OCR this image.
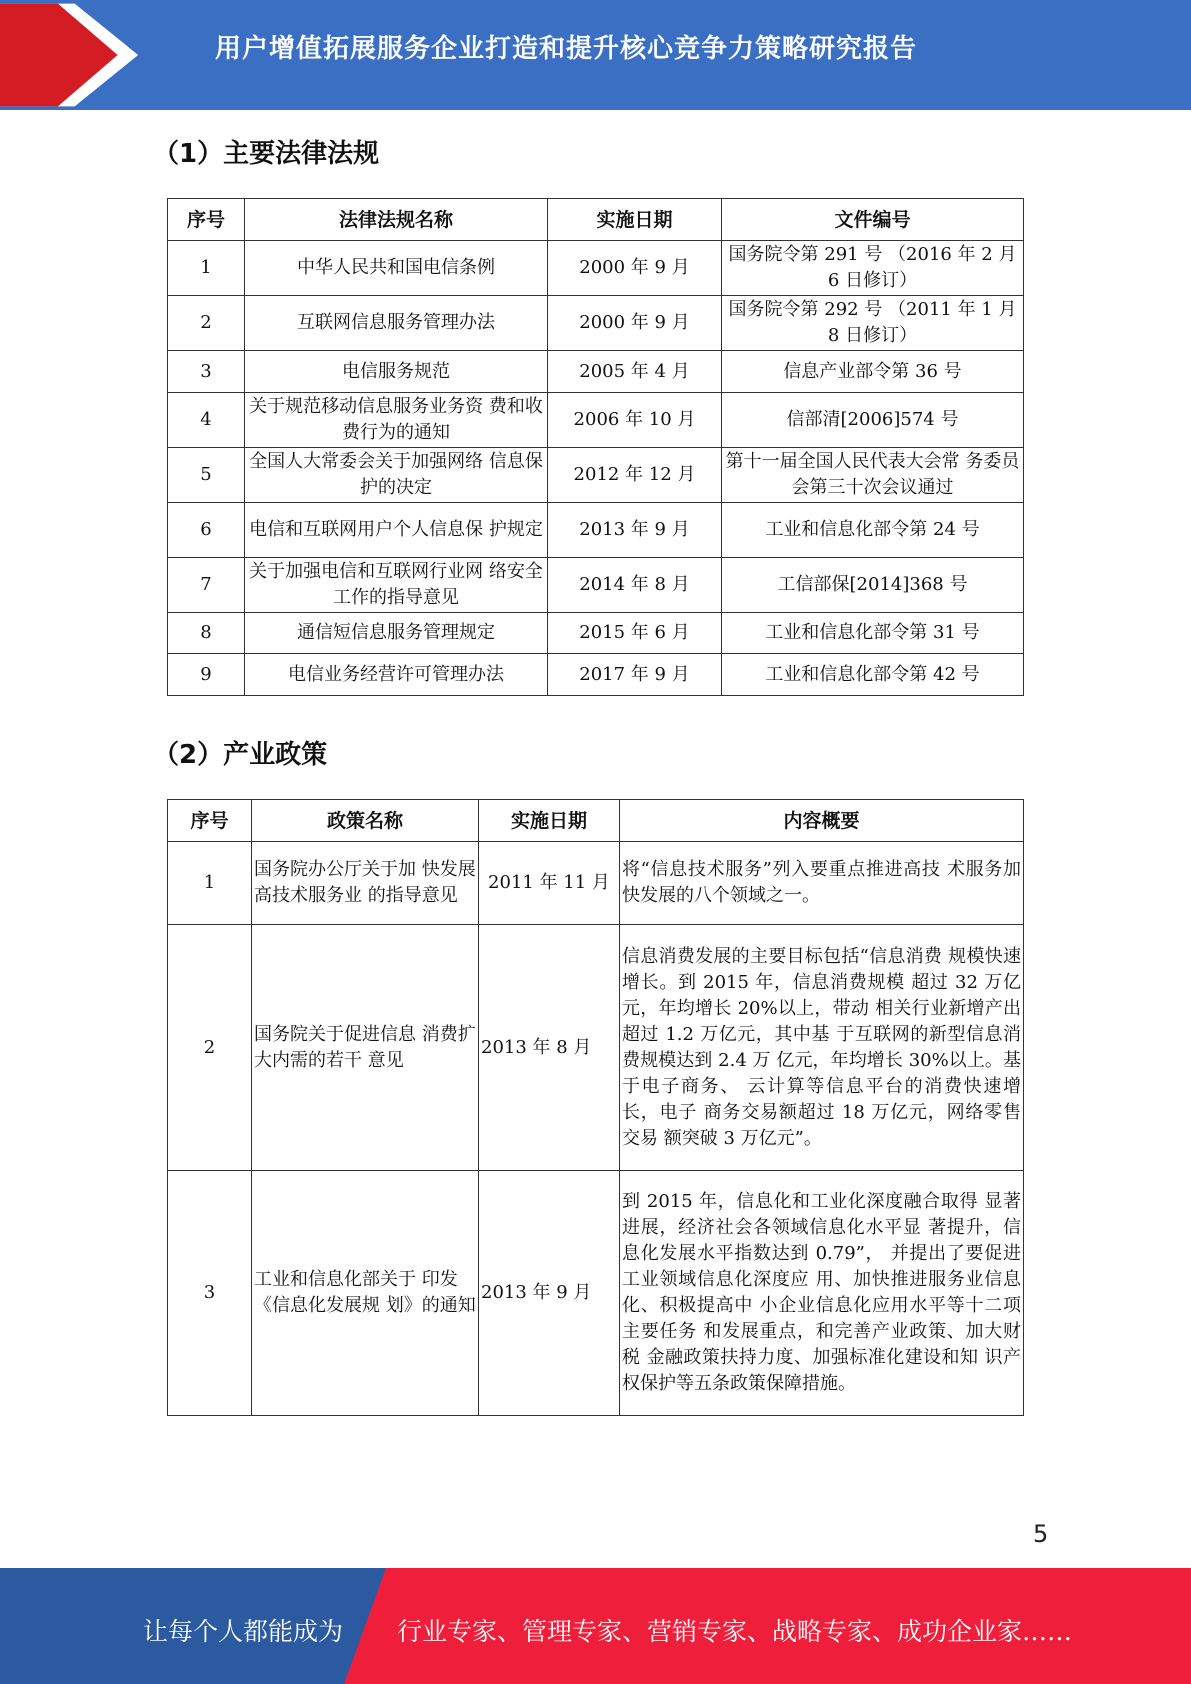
用户增值拓展服务企业打造和提升核心竞争力策略研究报告
（1）主要法律法规
序号	法律法规名称	实施日期	文件编号
1	中华人民共和国电信条例	2000 年 9 月	国务院令第 291 号 （2016 年 2 月 6 日修订）
2	互联网信息服务管理办法	2000 年 9 月	国务院令第 292 号 （2011 年 1 月 8 日修订）
3	电信服务规范	2005 年 4 月	信息产业部令第 36 号
4	关于规范移动信息服务业务资 费和收费行为的通知	2006 年 10 月	信部清[2006]574 号
5	全国人大常委会关于加强网络 信息保护的决定	2012 年 12 月	第十一届全国人民代表大会常 务委员会第三十次会议通过
6	电信和互联网用户个人信息保 护规定	2013 年 9 月	工业和信息化部令第 24 号
7	关于加强电信和互联网行业网 络安全工作的指导意见	2014 年 8 月	工信部保[2014]368 号
8	通信短信息服务管理规定	2015 年 6 月	工业和信息化部令第 31 号
9	电信业务经营许可管理办法	2017 年 9 月	工业和信息化部令第 42 号
（2）产业政策
序号	政策名称	实施日期	内容概要
1	国务院办公厅关于加 快发展高技术服务业 的指导意见	2011 年 11 月	将“信息技术服务”列入要重点推进高技 术服务加快发展的八个领域之一。
2	国务院关于促进信息 消费扩大内需的若干 意见	2013 年 8 月	信息消费发展的主要目标包括“信息消费 规模快速增长。到 2015 年，信息消费规模 超过 32 万亿元，年均增长 20%以上，带动 相关行业新增产出超过 1.2 万亿元，其中基 于互联网的新型信息消费规模达到 2.4 万 亿元，年均增长 30%以上。基于电子商务、 云计算等信息平台的消费快速增长，电子 商务交易额超过 18 万亿元，网络零售交易 额突破 3 万亿元”。
3	工业和信息化部关于 印发《信息化发展规 划》的通知	2013 年 9 月	到 2015 年，信息化和工业化深度融合取得 显著进展，经济社会各领域信息化水平显 著提升，信息化发展水平指数达到 0.79”， 并提出了要促进工业领域信息化深度应 用、加快推进服务业信息化、积极提高中 小企业信息化应用水平等十二项主要任务 和发展重点，和完善产业政策、加大财税 金融政策扶持力度、加强标准化建设和知 识产权保护等五条政策保障措施。
5
让每个人都能成为 行业专家、管理专家、营销专家、战略专家、成功企业家……
